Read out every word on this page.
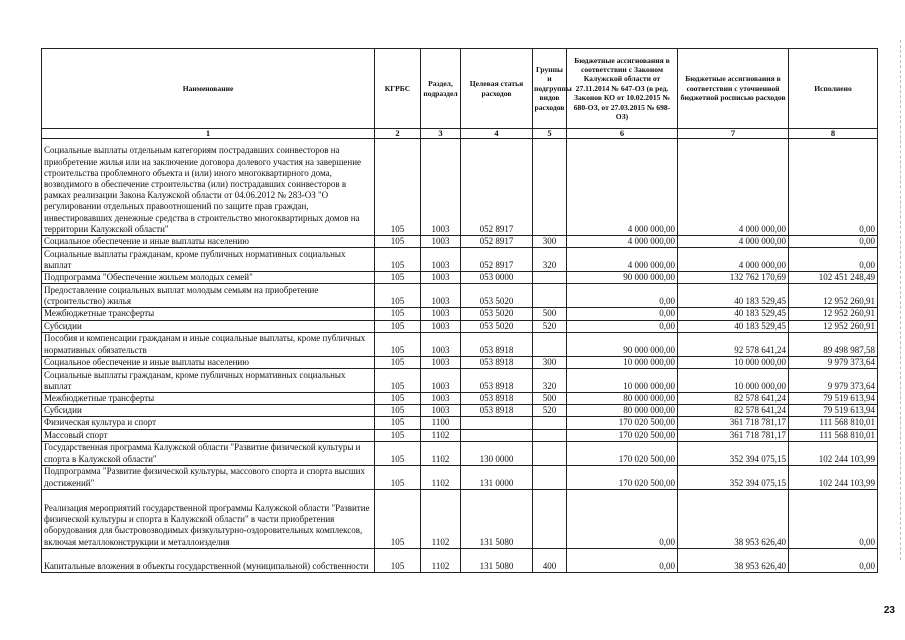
Наименование	КГРБС	Раздел, подраздел	Целевая статья расходов	Группы и подгруппы видов расходов	Бюджетные ассигнования в соответствии с Законом Калужской области от 27.11.2014 № 647-ОЗ (в ред. Законов КО от 10.02.2015 № 680-ОЗ, от 27.03.2015 № 698-ОЗ)	Бюджетные ассигнования в соответствии с уточненной бюджетной росписью расходов	Исполнено
1	2	3	4	5	6	7	8
Социальные выплаты отдельным категориям пострадавших соинвесторов на приобретение жилья или на заключение договора долевого участия на завершение строительства проблемного объекта и (или) иного многоквартирного дома, возводимого в обеспечение строительства (или) пострадавших соинвесторов в рамках реализации Закона Калужской области от 04.06.2012 № 283-ОЗ "О регулировании отдельных правоотношений по защите прав граждан, инвестировавших денежные средства в строительство многоквартирных домов на территории Калужской области"	105	1003	052 8917		4 000 000,00	4 000 000,00	0,00
Социальное обеспечение и иные выплаты населению	105	1003	052 8917	300	4 000 000,00	4 000 000,00	0,00
Социальные выплаты гражданам, кроме публичных нормативных социальных выплат	105	1003	052 8917	320	4 000 000,00	4 000 000,00	0,00
Подпрограмма "Обеспечение жильем молодых семей"	105	1003	053 0000		90 000 000,00	132 762 170,69	102 451 248,49
Предоставление социальных выплат молодым семьям на приобретение (строительство) жилья	105	1003	053 5020		0,00	40 183 529,45	12 952 260,91
Межбюджетные трансферты	105	1003	053 5020	500	0,00	40 183 529,45	12 952 260,91
Субсидии	105	1003	053 5020	520	0,00	40 183 529,45	12 952 260,91
Пособия и компенсации гражданам и иные социальные выплаты, кроме публичных нормативных обязательств	105	1003	053 8918		90 000 000,00	92 578 641,24	89 498 987,58
Социальное обеспечение и иные выплаты населению	105	1003	053 8918	300	10 000 000,00	10 000 000,00	9 979 373,64
Социальные выплаты гражданам, кроме публичных нормативных социальных выплат	105	1003	053 8918	320	10 000 000,00	10 000 000,00	9 979 373,64
Межбюджетные трансферты	105	1003	053 8918	500	80 000 000,00	82 578 641,24	79 519 613,94
Субсидии	105	1003	053 8918	520	80 000 000,00	82 578 641,24	79 519 613,94
Физическая культура и спорт	105	1100			170 020 500,00	361 718 781,17	111 568 810,01
Массовый спорт	105	1102			170 020 500,00	361 718 781,17	111 568 810,01
Государственная программа Калужской области "Развитие физической культуры и спорта в Калужской области"	105	1102	130 0000		170 020 500,00	352 394 075,15	102 244 103,99
Подпрограмма "Развитие физической культуры, массового спорта и спорта высших достижений"	105	1102	131 0000		170 020 500,00	352 394 075,15	102 244 103,99
Реализация мероприятий государственной программы Калужской области "Развитие физической культуры и спорта в Калужской области" в части приобретения оборудования для быстровозводимых физкультурно-оздоровительных комплексов, включая металлоконструкции и металлоизделия	105	1102	131 5080		0,00	38 953 626,40	0,00
Капитальные вложения в объекты государственной (муниципальной) собственности	105	1102	131 5080	400	0,00	38 953 626,40	0,00
23
